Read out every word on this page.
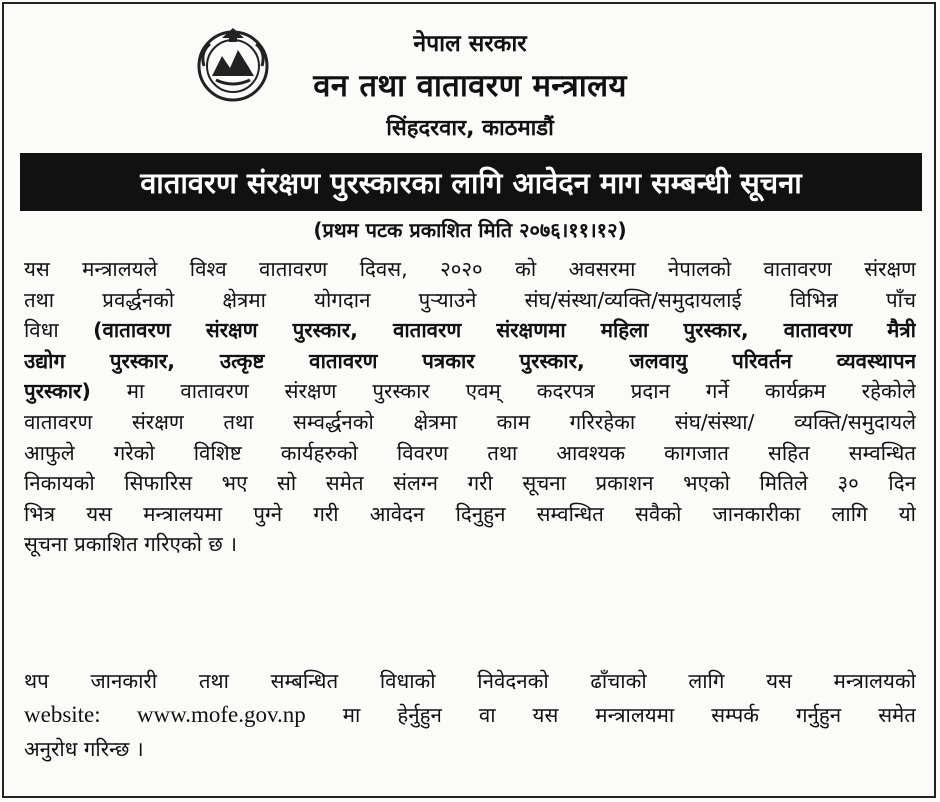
नेपाल सरकार
वन तथा वातावरण मन्त्रालय
सिंहदरवार, काठमाडौं
वातावरण संरक्षण पुरस्कारका लागि आवेदन माग सम्बन्धी सूचना
(प्रथम पटक प्रकाशित मिति २०७६।११।१२)
यस मन्त्रालयले विश्व वातावरण दिवस, २०२० को अवसरमा नेपालको वातावरण संरक्षण
तथा प्रवर्द्धनको क्षेत्रमा योगदान पुऱ्याउने संघ/संस्था/व्यक्ति/समुदायलाई विभिन्न पाँच
विधा (वातावरण संरक्षण पुरस्कार, वातावरण संरक्षणमा महिला पुरस्कार, वातावरण मैत्री
उद्योग पुरस्कार, उत्कृष्ट वातावरण पत्रकार पुरस्कार, जलवायु परिवर्तन व्यवस्थापन
पुरस्कार) मा वातावरण संरक्षण पुरस्कार एवम् कदरपत्र प्रदान गर्ने कार्यक्रम रहेकोले
वातावरण संरक्षण तथा सम्वर्द्धनको क्षेत्रमा काम गरिरहेका संघ/संस्था/ व्यक्ति/समुदायले
आफुले गरेको विशिष्ट कार्यहरुको विवरण तथा आवश्यक कागजात सहित सम्वन्धित
निकायको सिफारिस भए सो समेत संलग्न गरी सूचना प्रकाशन भएको मितिले ३० दिन
भित्र यस मन्त्रालयमा पुग्ने गरी आवेदन दिनुहुन सम्वन्धित सवैको जानकारीका लागि यो
सूचना प्रकाशित गरिएको छ ।
थप जानकारी तथा सम्बन्धित विधाको निवेदनको ढाँचाको लागि यस मन्त्रालयको
website: www.mofe.gov.np मा हेर्नुहुन वा यस मन्त्रालयमा सम्पर्क गर्नुहुन समेत
अनुरोध गरिन्छ ।
